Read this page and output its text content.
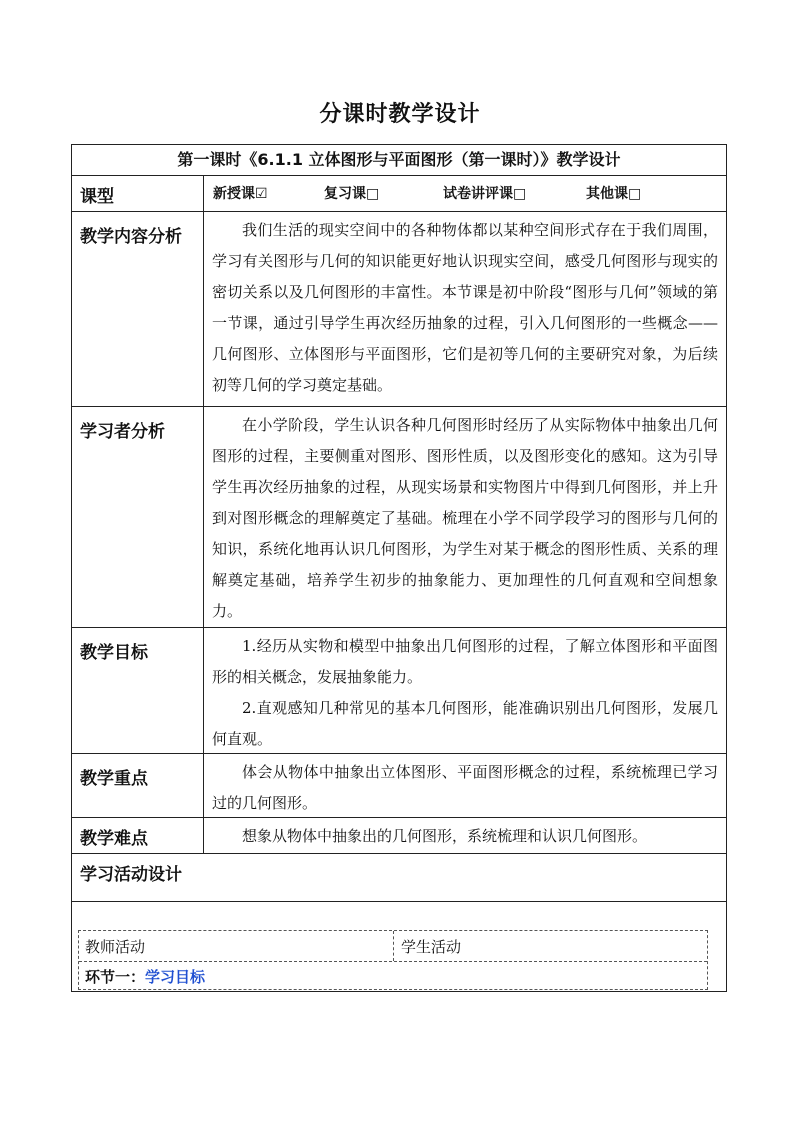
分课时教学设计
第一课时《6.1.1 立体图形与平面图形（第一课时）》教学设计
课型	新授课☑	复习课□	试卷讲评课□	其他课□
教学内容分析	我们生活的现实空间中的各种物体都以某种空间形式存在于我们周围，学习有关图形与几何的知识能更好地认识现实空间，感受几何图形与现实的密切关系以及几何图形的丰富性。本节课是初中阶段“图形与几何”领域的第一节课，通过引导学生再次经历抽象的过程，引入几何图形的一些概念——几何图形、立体图形与平面图形，它们是初等几何的主要研究对象，为后续初等几何的学习奠定基础。

学习者分析	在小学阶段，学生认识各种几何图形时经历了从实际物体中抽象出几何图形的过程，主要侧重对图形、图形性质，以及图形变化的感知。这为引导学生再次经历抽象的过程，从现实场景和实物图片中得到几何图形，并上升到对图形概念的理解奠定了基础。梳理在小学不同学段学习的图形与几何的知识，系统化地再认识几何图形，为学生对某于概念的图形性质、关系的理解奠定基础，培养学生初步的抽象能力、更加理性的几何直观和空间想象力。

教学目标	1.经历从实物和模型中抽象出几何图形的过程，了解立体图形和平面图形的相关概念，发展抽象能力。

2.直观感知几种常见的基本几何图形，能准确识别出几何图形，发展几何直观。

教学重点	体会从物体中抽象出立体图形、平面图形概念的过程，系统梳理已学习过的几何图形。

教学难点	想象从物体中抽象出的几何图形，系统梳理和认识几何图形。

学习活动设计
教师活动	学生活动
环节一：学习目标
